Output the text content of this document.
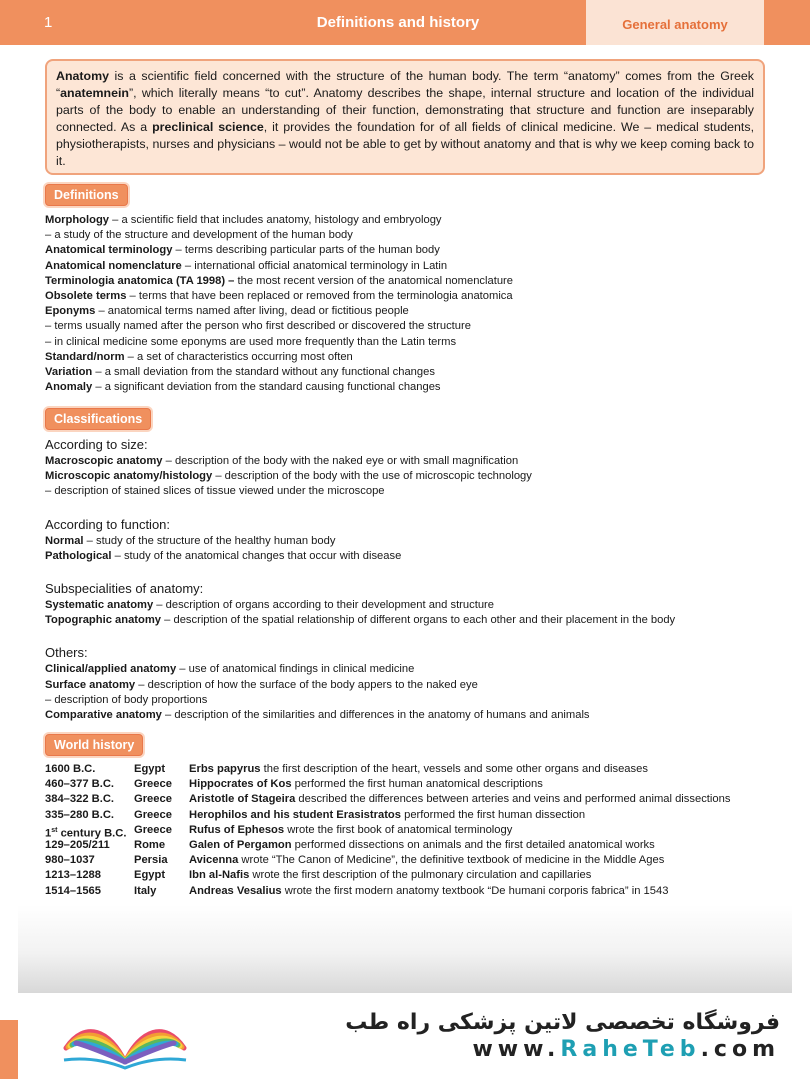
1	Definitions and history	General anatomy
Anatomy is a scientific field concerned with the structure of the human body. The term “anatomy” comes from the Greek “anatemnein”, which literally means “to cut”. Anatomy describes the shape, internal structure and location of the individual parts of the body to enable an understanding of their function, demonstrating that structure and function are inseparably connected. As a preclinical science, it provides the foundation for of all fields of clinical medicine. We – medical students, physiotherapists, nurses and physicians – would not be able to get by without anatomy and that is why we keep coming back to it.
Definitions
Morphology – a scientific field that includes anatomy, histology and embryology
– a study of the structure and development of the human body
Anatomical terminology – terms describing particular parts of the human body
Anatomical nomenclature – international official anatomical terminology in Latin
Terminologia anatomica (TA 1998) – the most recent version of the anatomical nomenclature
Obsolete terms – terms that have been replaced or removed from the terminologia anatomica
Eponyms – anatomical terms named after living, dead or fictitious people
– terms usually named after the person who first described or discovered the structure
– in clinical medicine some eponyms are used more frequently than the Latin terms
Standard/norm – a set of characteristics occurring most often
Variation – a small deviation from the standard without any functional changes
Anomaly – a significant deviation from the standard causing functional changes
Classifications
According to size:
Macroscopic anatomy – description of the body with the naked eye or with small magnification
Microscopic anatomy/histology – description of the body with the use of microscopic technology
– description of stained slices of tissue viewed under the microscope
According to function:
Normal – study of the structure of the healthy human body
Pathological – study of the anatomical changes that occur with disease
Subspecialities of anatomy:
Systematic anatomy – description of organs according to their development and structure
Topographic anatomy – description of the spatial relationship of different organs to each other and their placement in the body
Others:
Clinical/applied anatomy – use of anatomical findings in clinical medicine
Surface anatomy – description of how the surface of the body appers to the naked eye
– description of body proportions
Comparative anatomy – description of the similarities and differences in the anatomy of humans and animals
World history
1600 B.C.	Egypt Erbs papyrus the first description of the heart, vessels and some other organs and diseases
460–377 B.C. Greece Hippocrates of Kos performed the first human anatomical descriptions
384–322 B.C. Greece Aristotle of Stageira described the differences between arteries and veins and performed animal dissections
335–280 B.C. Greece Herophilos and his student Erasistratos performed the first human dissection
1st century B.C. Greece Rufus of Ephesos wrote the first book of anatomical terminology
129–205/211 Rome Galen of Pergamon performed dissections on animals and the first detailed anatomical works
980–1037	Persia Avicenna wrote “The Canon of Medicine”, the definitive textbook of medicine in the Middle Ages
1213–1288	Egypt Ibn al-Nafis wrote the first description of the pulmonary circulation and capillaries
1514–1565	Italy	Andreas Vesalius wrote the first modern anatomy textbook “De humani corporis fabrica” in 1543
فروشگاه تخصصی لاتین پزشکی راه طب
www.RaheTeb.com
